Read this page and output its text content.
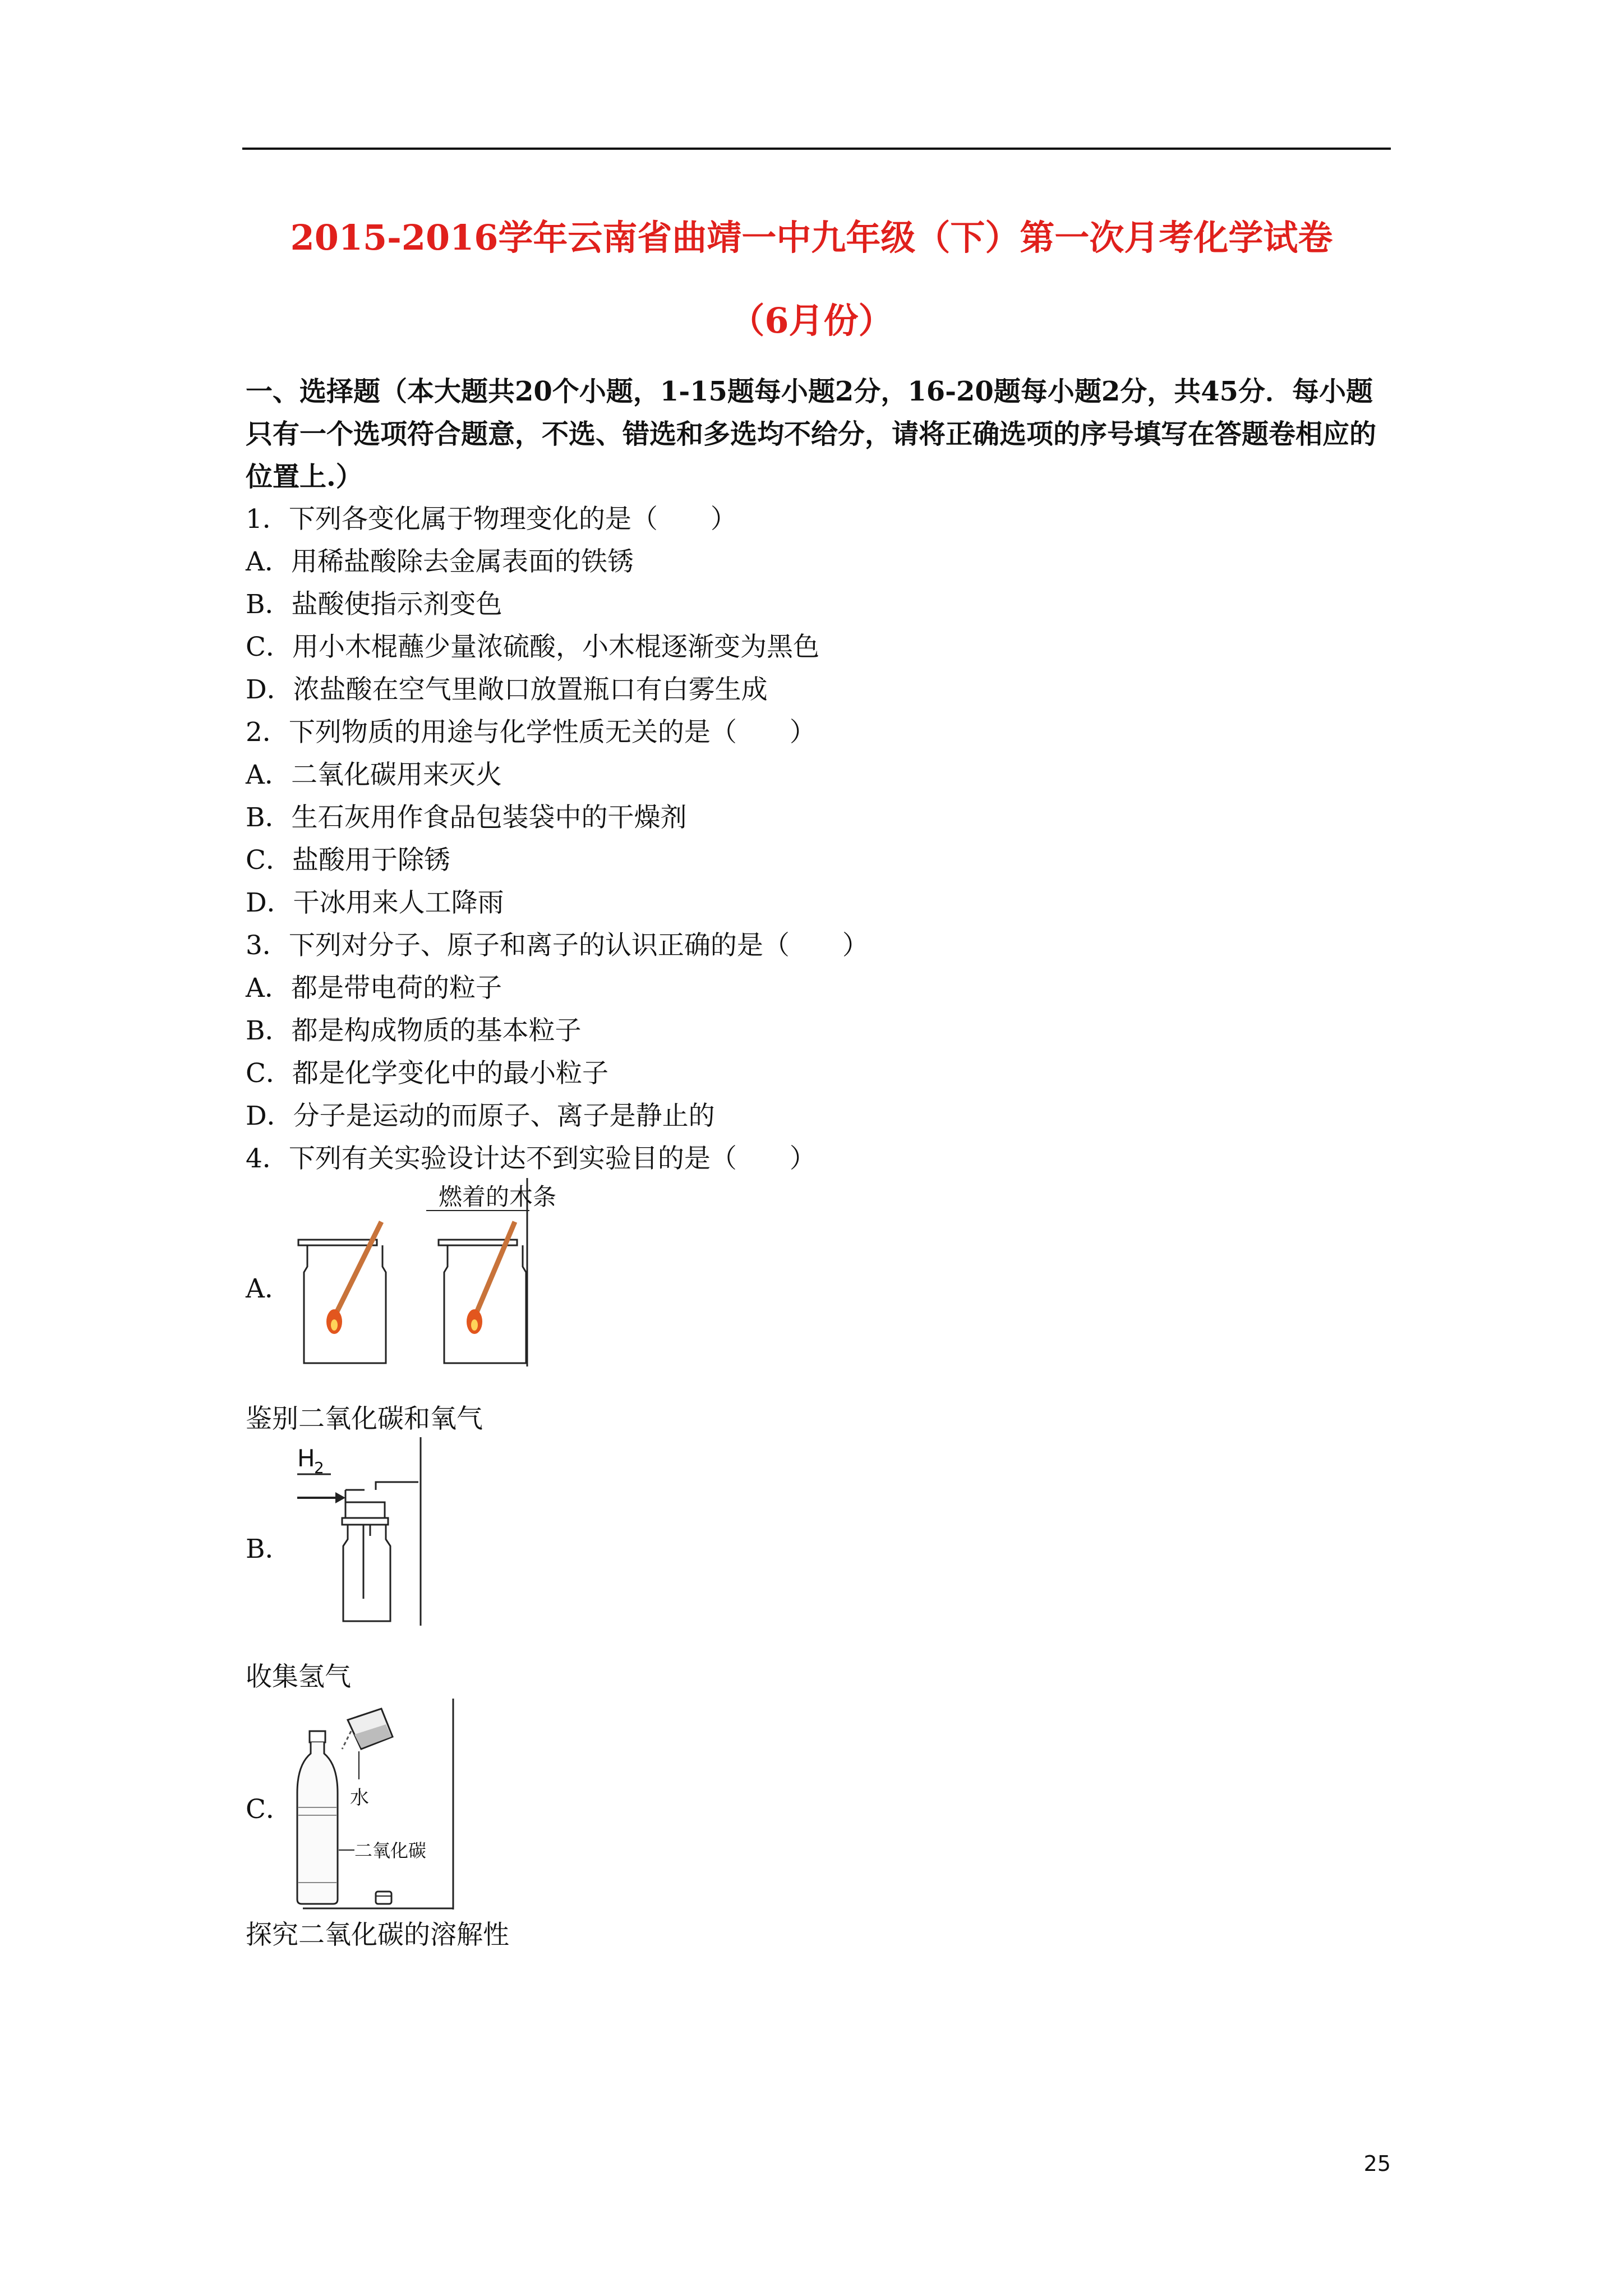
2015-2016学年云南省曲靖一中九年级（下）第一次月考化学试卷
（6月份）
一、选择题（本大题共20个小题，1-15题每小题2分，16-20题每小题2分，共45分．每小题只有一个选项符合题意，不选、错选和多选均不给分，请将正确选项的序号填写在答题卷相应的位置上.）
1．下列各变化属于物理变化的是（　　）
A．用稀盐酸除去金属表面的铁锈
B．盐酸使指示剂变色
C．用小木棍蘸少量浓硫酸，小木棍逐渐变为黑色
D．浓盐酸在空气里敞口放置瓶口有白雾生成
2．下列物质的用途与化学性质无关的是（　　）
A．二氧化碳用来灭火
B．生石灰用作食品包装袋中的干燥剂
C．盐酸用于除锈
D．干冰用来人工降雨
3．下列对分子、原子和离子的认识正确的是（　　）
A．都是带电荷的粒子
B．都是构成物质的基本粒子
C．都是化学变化中的最小粒子
D．分子是运动的而原子、离子是静止的
4．下列有关实验设计达不到实验目的是（　　）
A．
燃着的木条
鉴别二氧化碳和氧气
B．
H
2
收集氢气
C．	水
二氧化碳
探究二氧化碳的溶解性
25
